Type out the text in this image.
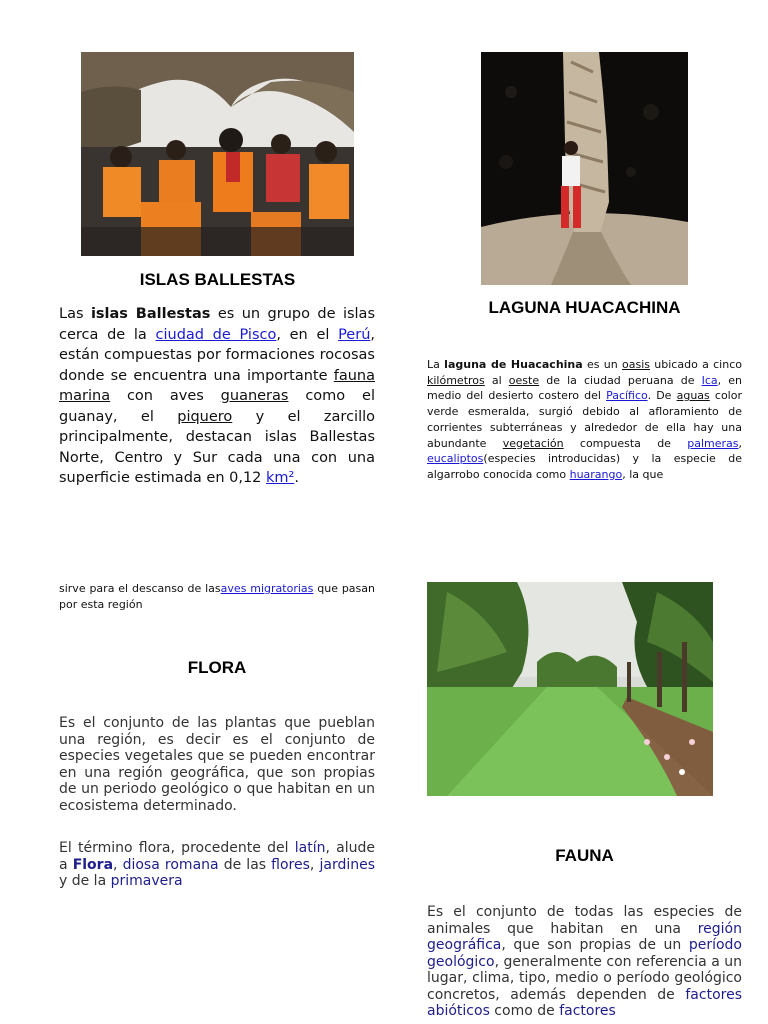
ISLAS BALLESTAS

Las islas Ballestas es un grupo de islas cerca de la ciudad de Pisco, en el Perú, están compuestas por formaciones rocosas donde se encuentra una importante fauna marina con aves guaneras como el guanay, el piquero y el zarcillo principalmente, destacan islas Ballestas Norte, Centro y Sur cada una con una superficie estimada en 0,12 km².

LAGUNA HUACACHINA

La laguna de Huacachina es un oasis ubicado a cinco kilómetros al oeste de la ciudad peruana de Ica, en medio del desierto costero del Pacífico. De aguas color verde esmeralda, surgió debido al afloramiento de corrientes subterráneas y alrededor de ella hay una abundante vegetación compuesta de palmeras, eucaliptos(especies introducidas) y la especie de algarrobo conocida como huarango, la que

sirve para el descanso de lasaves migratorias que pasan por esta región

FLORA

Es el conjunto de las plantas que pueblan una región, es decir es el conjunto de especies vegetales que se pueden encontrar en una región geográfica, que son propias de un periodo geológico o que habitan en un ecosistema determinado.

El término flora, procedente del latín, alude a Flora, diosa romana de las flores, jardines y de la primavera

FAUNA

Es el conjunto de todas las especies de animales que habitan en una región geográfica, que son propias de un período geológico, generalmente con referencia a un lugar, clima, tipo, medio o período geológico concretos, además dependen de factores abióticos como de factores
